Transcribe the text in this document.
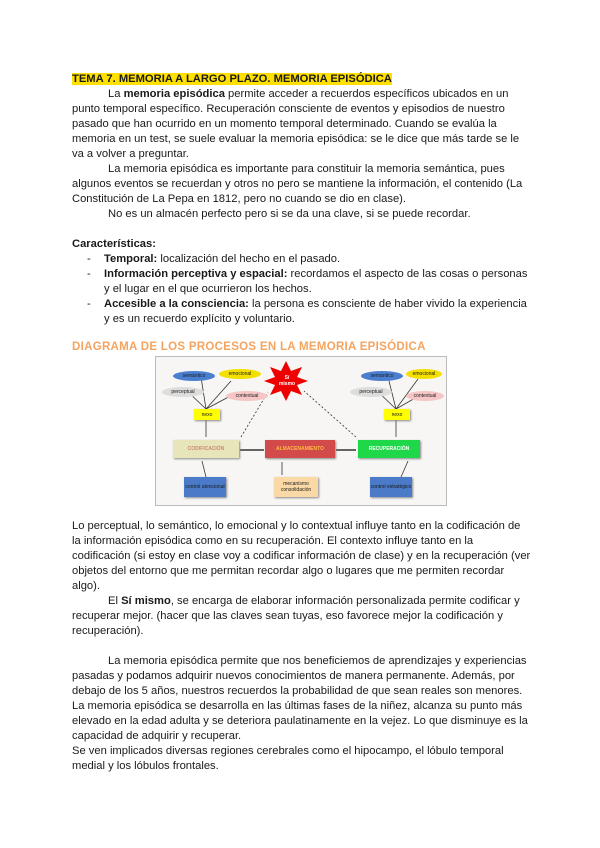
TEMA 7. MEMORIA A LARGO PLAZO. MEMORIA EPISÓDICA

La memoria episódica permite acceder a recuerdos específicos ubicados en un punto temporal específico. Recuperación consciente de eventos y episodios de nuestro pasado que han ocurrido en un momento temporal determinado. Cuando se evalúa la memoria en un test, se suele evaluar la memoria episódica: se le dice que más tarde se le va a volver a preguntar.

La memoria episódica es importante para constituir la memoria semántica, pues algunos eventos se recuerdan y otros no pero se mantiene la información, el contenido (La Constitución de La Pepa en 1812, pero no cuando se dio en clase).

No es un almacén perfecto pero si se da una clave, si se puede recordar.

Características:

- Temporal: localización del hecho en el pasado.
- Información perceptiva y espacial: recordamos el aspecto de las cosas o personas y el lugar en el que ocurrieron los hechos.
- Accesible a la consciencia: la persona es consciente de haber vivido la experiencia y es un recuerdo explícito y voluntario.

DIAGRAMA DE LOS PROCESOS EN LA MEMORIA EPISÓDICA

Sí mismo
semántico	emocional
perceptual
contextual
nexo
CODIFICACIÓN	ALMACENAMIENTO	RECUPERACIÓN
control atencional	mecanismo consolidación	control estratégico
semántico	emocional
perceptual
contextual
nexo

Lo perceptual, lo semántico, lo emocional y lo contextual influye tanto en la codificación de la información episódica como en su recuperación. El contexto influye tanto en la codificación (si estoy en clase voy a codificar información de clase) y en la recuperación (ver objetos del entorno que me permitan recordar algo o lugares que me permiten recordar algo).

El Sí mismo, se encarga de elaborar información personalizada permite codificar y recuperar mejor. (hacer que las claves sean tuyas, eso favorece mejor la codificación y recuperación).

La memoria episódica permite que nos beneficiemos de aprendizajes y experiencias pasadas y podamos adquirir nuevos conocimientos de manera permanente. Además, por debajo de los 5 años, nuestros recuerdos la probabilidad de que sean reales son menores.

La memoria episódica se desarrolla en las últimas fases de la niñez, alcanza su punto más elevado en la edad adulta y se deteriora paulatinamente en la vejez. Lo que disminuye es la capacidad de adquirir y recuperar.

Se ven implicados diversas regiones cerebrales como el hipocampo, el lóbulo temporal medial y los lóbulos frontales.
